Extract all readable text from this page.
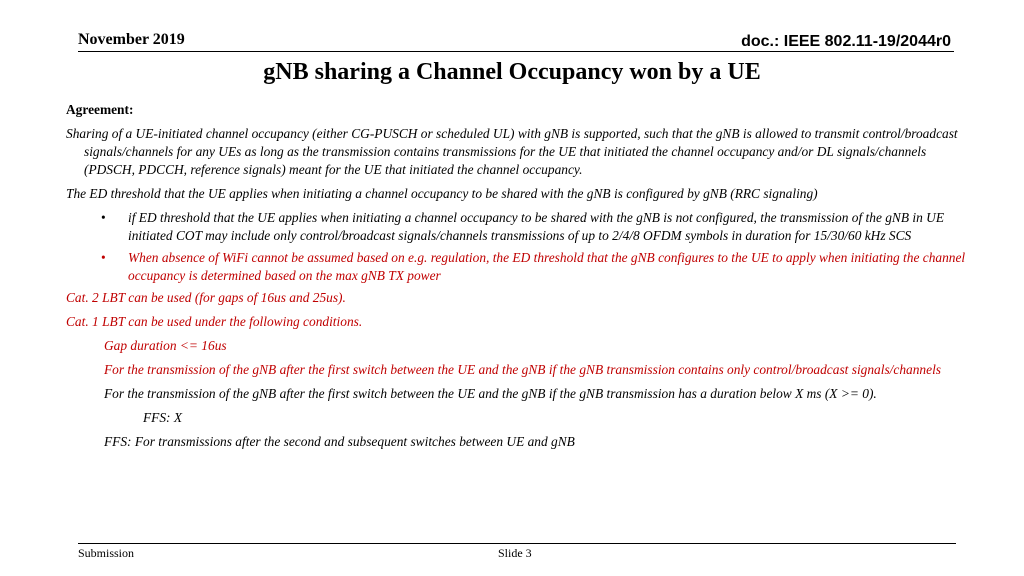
November 2019	doc.: IEEE 802.11-19/2044r0
gNB sharing a Channel Occupancy won by a UE

Agreement:

Sharing of a UE-initiated channel occupancy (either CG-PUSCH or scheduled UL) with gNB is supported, such that the gNB is allowed to transmit control/broadcast signals/channels for any UEs as long as the transmission contains transmissions for the UE that initiated the channel occupancy and/or DL signals/channels (PDSCH, PDCCH, reference signals) meant for the UE that initiated the channel occupancy.

The ED threshold that the UE applies when initiating a channel occupancy to be shared with the gNB is configured by gNB (RRC signaling)

• if ED threshold that the UE applies when initiating a channel occupancy to be shared with the gNB is not configured, the transmission of the gNB in UE initiated COT may include only control/broadcast signals/channels transmissions of up to 2/4/8 OFDM symbols in duration for 15/30/60 kHz SCS

• When absence of WiFi cannot be assumed based on e.g. regulation, the ED threshold that the gNB configures to the UE to apply when initiating the channel occupancy is determined based on the max gNB TX power

Cat. 2 LBT can be used (for gaps of 16us and 25us).

Cat. 1 LBT can be used under the following conditions.

Gap duration <= 16us

For the transmission of the gNB after the first switch between the UE and the gNB if the gNB transmission contains only control/broadcast signals/channels

For the transmission of the gNB after the first switch between the UE and the gNB if the gNB transmission has a duration below X ms (X >= 0).

FFS: X

FFS: For transmissions after the second and subsequent switches between UE and gNB

Submission	Slide 3
